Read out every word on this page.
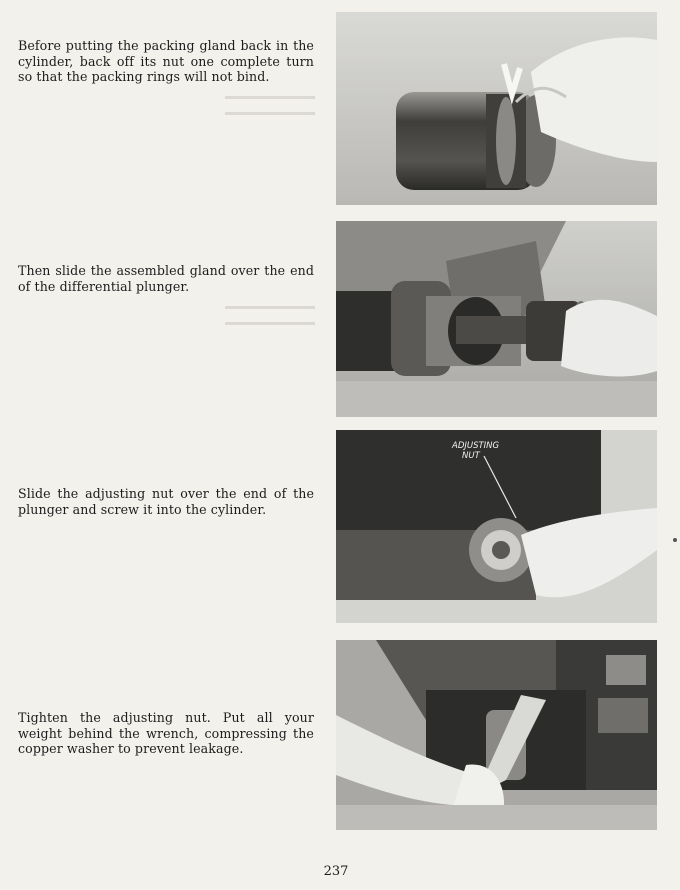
Before putting the packing gland back in the cylinder, back off its nut one complete turn so that the packing rings will not bind.
Then slide the assembled gland over the end of the differential plunger.
Slide the adjusting nut over the end of the plunger and screw it into the cylinder.
Tighten the adjusting nut. Put all your weight behind the wrench, compressing the copper washer to prevent leakage.
ADJUSTING
NUT
237
